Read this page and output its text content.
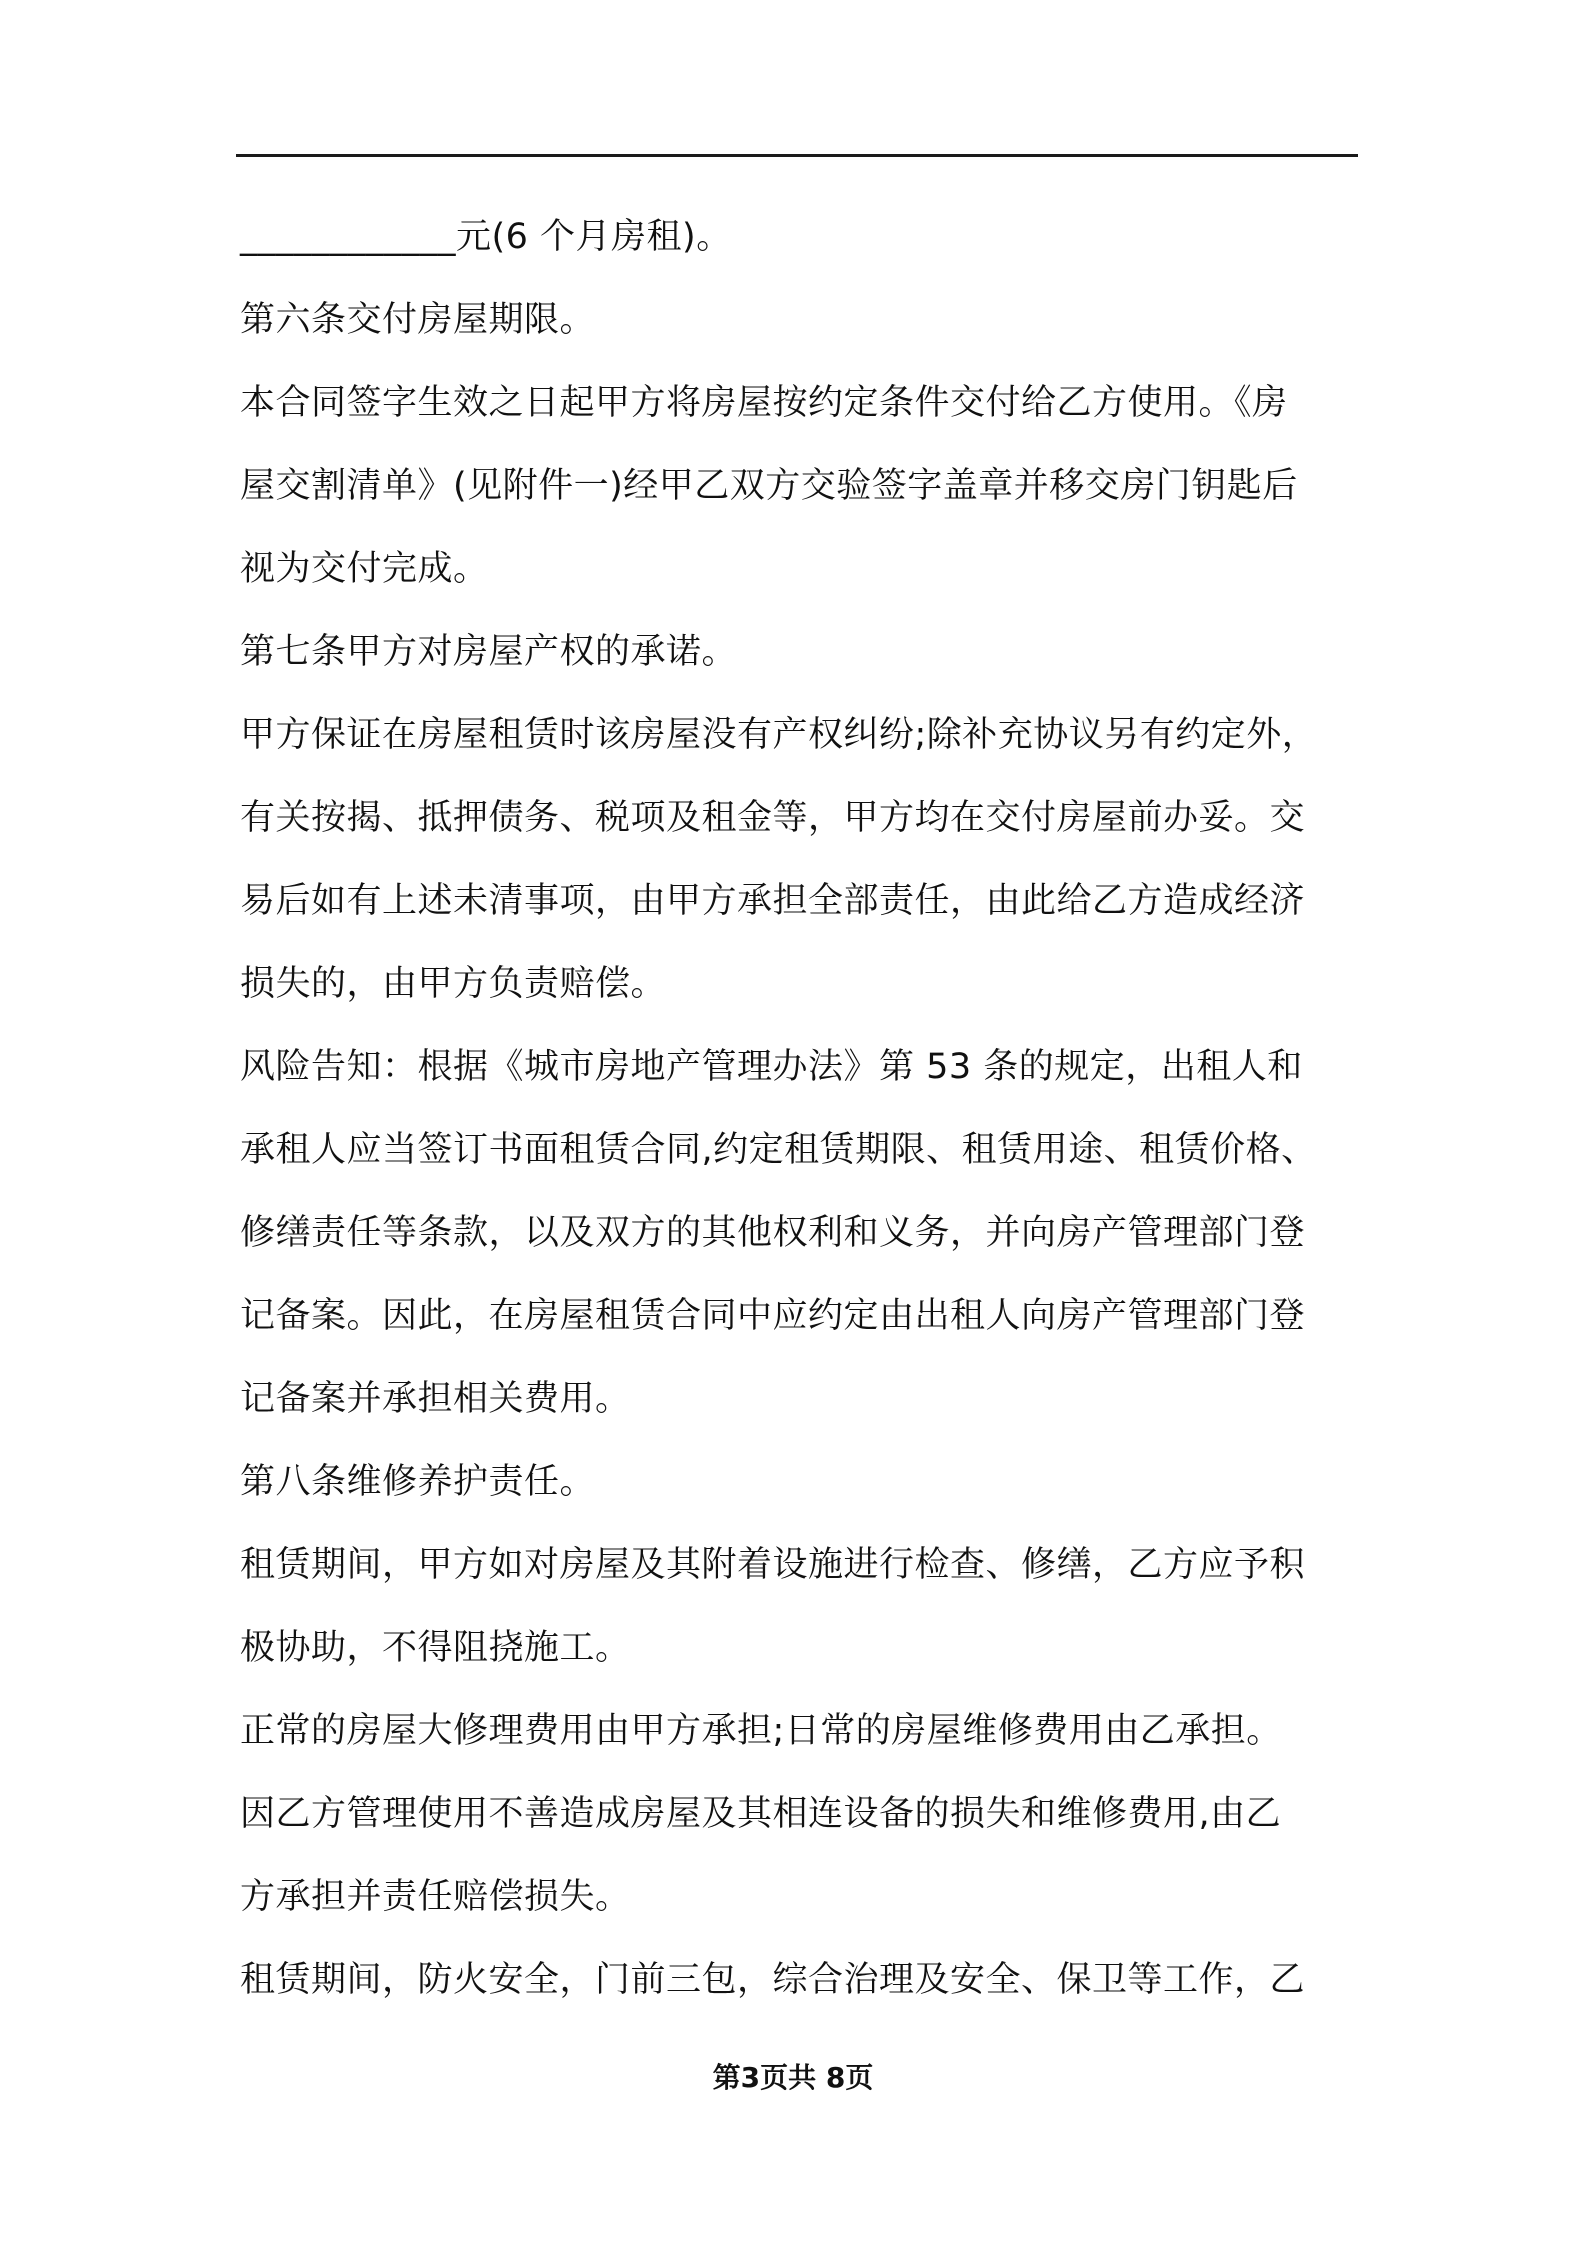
____________元(6 个月房租)。
第六条交付房屋期限。
本合同签字生效之日起甲方将房屋按约定条件交付给乙方使用。《房
屋交割清单》(见附件一)经甲乙双方交验签字盖章并移交房门钥匙后
视为交付完成。
第七条甲方对房屋产权的承诺。
甲方保证在房屋租赁时该房屋没有产权纠纷;除补充协议另有约定外，
有关按揭、抵押债务、税项及租金等，甲方均在交付房屋前办妥。交
易后如有上述未清事项，由甲方承担全部责任，由此给乙方造成经济
损失的，由甲方负责赔偿。
风险告知：根据《城市房地产管理办法》第 53 条的规定，出租人和
承租人应当签订书面租赁合同,约定租赁期限、租赁用途、租赁价格、
修缮责任等条款，以及双方的其他权利和义务，并向房产管理部门登
记备案。因此，在房屋租赁合同中应约定由出租人向房产管理部门登
记备案并承担相关费用。
第八条维修养护责任。
租赁期间，甲方如对房屋及其附着设施进行检查、修缮，乙方应予积
极协助，不得阻挠施工。
正常的房屋大修理费用由甲方承担;日常的房屋维修费用由乙承担。
因乙方管理使用不善造成房屋及其相连设备的损失和维修费用,由乙
方承担并责任赔偿损失。
租赁期间，防火安全，门前三包，综合治理及安全、保卫等工作，乙
第3页共 8页
